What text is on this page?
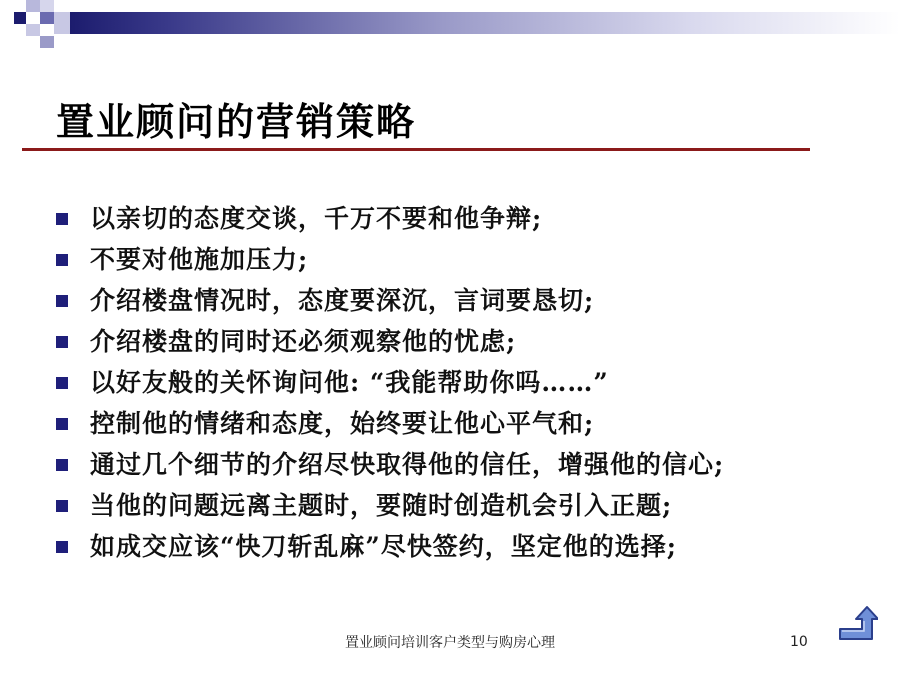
置业顾问的营销策略
以亲切的态度交谈，千万不要和他争辩;
不要对他施加压力;
介绍楼盘情况时，态度要深沉，言词要恳切;
介绍楼盘的同时还必须观察他的忧虑;
以好友般的关怀询问他: “我能帮助你吗……”
控制他的情绪和态度，始终要让他心平气和;
通过几个细节的介绍尽快取得他的信任，增强他的信心;
当他的问题远离主题时，要随时创造机会引入正题;
如成交应该“快刀斩乱麻”尽快签约，坚定他的选择;
置业顾问培训客户类型与购房心理	10
